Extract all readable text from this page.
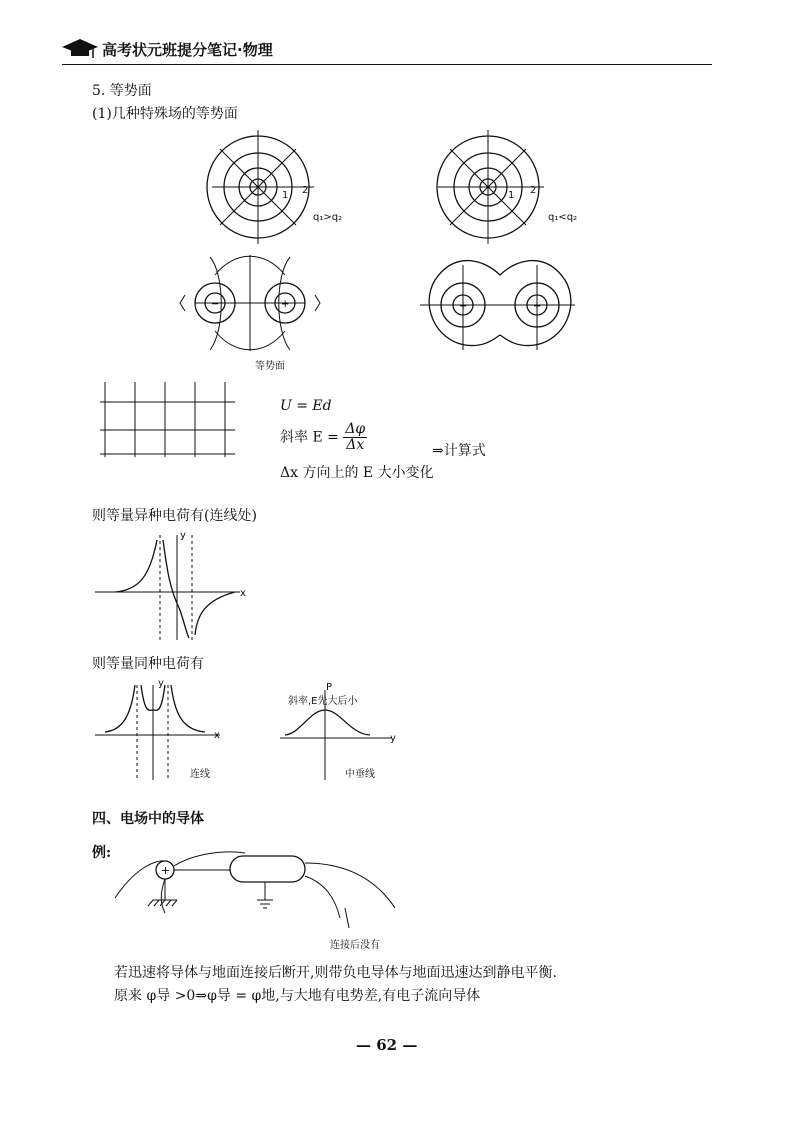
高考状元班提分笔记·物理
5. 等势面
(1)几种特殊场的等势面
1 2
q₁>q₂
1 2
q₁<q₂
−	+
等势面
+	+
U = Ed
斜率 $E = \frac{\Delta\varphi}{\Delta x}$	⇒计算式
Δx 方向上的 E 大小变化
则等量异种电荷有(连线处)
y
x
则等量同种电荷有
y
x
连线
P
y
斜率,E先大后小
中垂线
四、电场中的导体
例:
+
连接后没有
若迅速将导体与地面连接后断开,则带负电导体与地面迅速达到静电平衡.
原来 φ导 >0⇒φ导 = φ地,与大地有电势差,有电子流向导体
— 62 —
